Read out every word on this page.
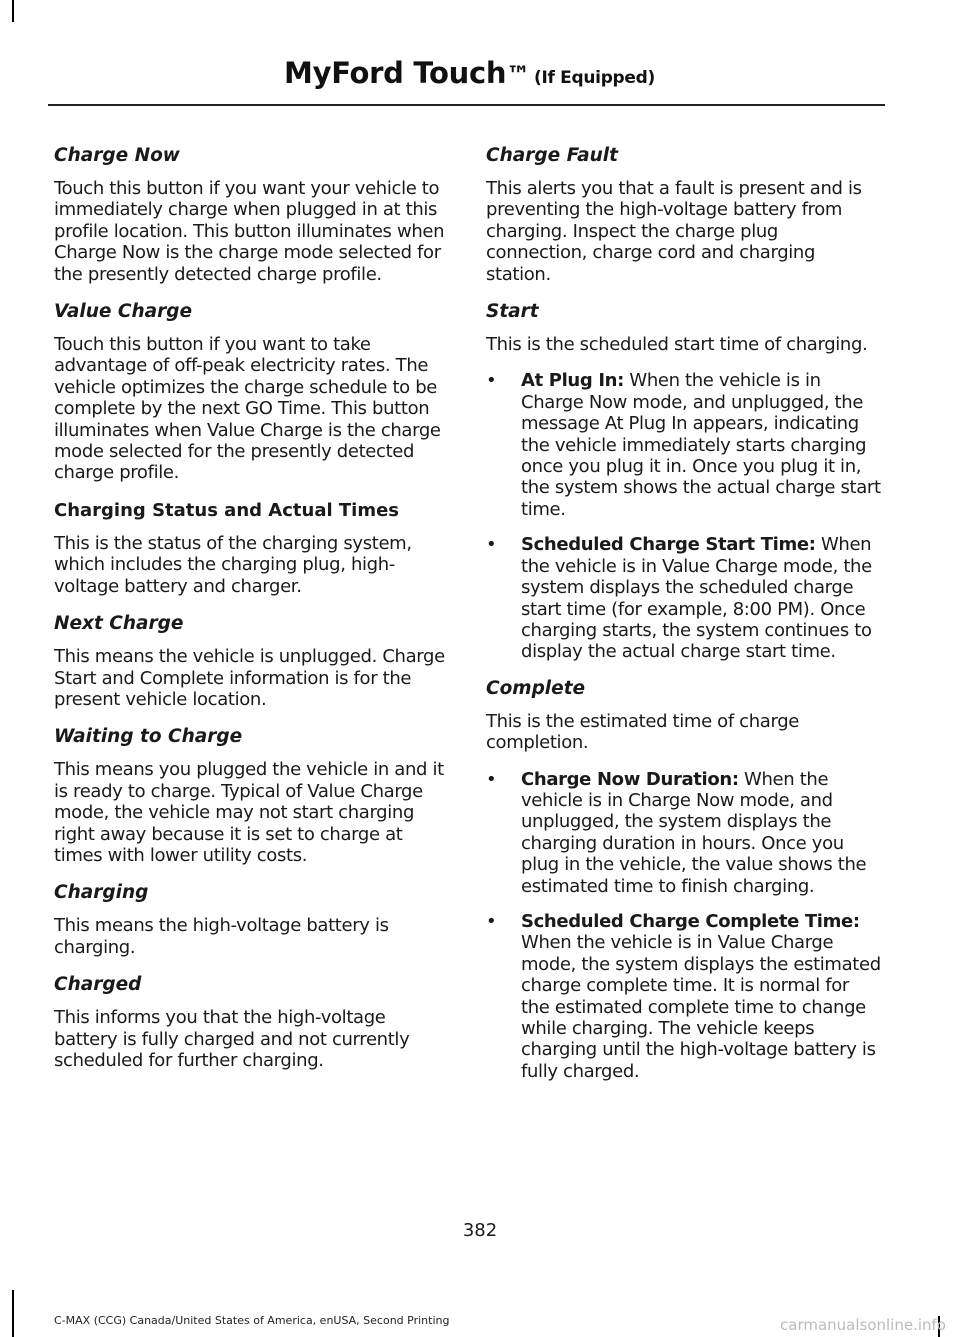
MyFord Touch™ (If Equipped)
Charge Now

Touch this button if you want your vehicle to immediately charge when plugged in at this profile location. This button illuminates when Charge Now is the charge mode selected for the presently detected charge profile.

Value Charge

Touch this button if you want to take advantage of off-peak electricity rates. The vehicle optimizes the charge schedule to be complete by the next GO Time. This button illuminates when Value Charge is the charge mode selected for the presently detected charge profile.

Charging Status and Actual Times

This is the status of the charging system, which includes the charging plug, high-voltage battery and charger.

Next Charge

This means the vehicle is unplugged. Charge Start and Complete information is for the present vehicle location.

Waiting to Charge

This means you plugged the vehicle in and it is ready to charge. Typical of Value Charge mode, the vehicle may not start charging right away because it is set to charge at times with lower utility costs.

Charging

This means the high-voltage battery is charging.

Charged

This informs you that the high-voltage battery is fully charged and not currently scheduled for further charging.

Charge Fault

This alerts you that a fault is present and is preventing the high-voltage battery from charging. Inspect the charge plug connection, charge cord and charging station.

Start

This is the scheduled start time of charging.

• At Plug In: When the vehicle is in Charge Now mode, and unplugged, the message At Plug In appears, indicating the vehicle immediately starts charging once you plug it in. Once you plug it in, the system shows the actual charge start time.
• Scheduled Charge Start Time: When the vehicle is in Value Charge mode, the system displays the scheduled charge start time (for example, 8:00 PM). Once charging starts, the system continues to display the actual charge start time.
Complete

This is the estimated time of charge completion.

• Charge Now Duration: When the vehicle is in Charge Now mode, and unplugged, the system displays the charging duration in hours. Once you plug in the vehicle, the value shows the estimated time to finish charging.
• Scheduled Charge Complete Time: When the vehicle is in Value Charge mode, the system displays the estimated charge complete time. It is normal for the estimated complete time to change while charging. The vehicle keeps charging until the high-voltage battery is fully charged.
382
C-MAX (CCG) Canada/United States of America, enUSA, Second Printing	carmanualsonline.info
